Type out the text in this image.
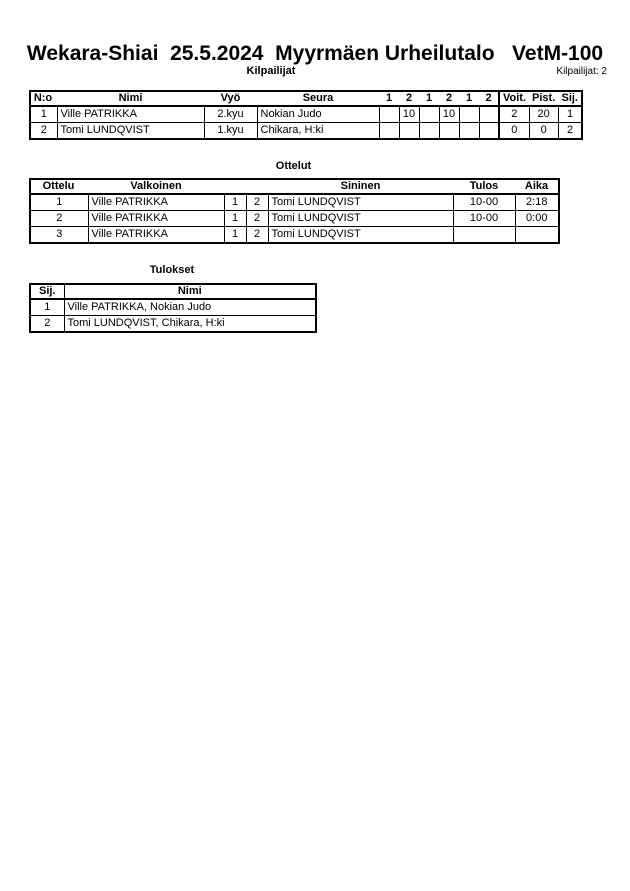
Wekara-Shiai  25.5.2024  Myyrmäen Urheilutalo   VetM-100
Kilpailijat	Kilpailijat: 2
N:o	Nimi	Vyö	Seura	1	2	1	2	1	2	Voit.	Pist.	Sij.
1	Ville PATRIKKA	2.kyu	Nokian Judo		10		10			2	20	1
2	Tomi LUNDQVIST	1.kyu	Chikara, H:ki							0	0	2
Ottelut
Ottelu	Valkoinen			Sininen	Tulos	Aika
1	Ville PATRIKKA	1	2	Tomi LUNDQVIST	10-00	2:18
2	Ville PATRIKKA	1	2	Tomi LUNDQVIST	10-00	0:00
3	Ville PATRIKKA	1	2	Tomi LUNDQVIST		
Tulokset
Sij.	Nimi
1	Ville PATRIKKA, Nokian Judo
2	Tomi LUNDQVIST, Chikara, H:ki
